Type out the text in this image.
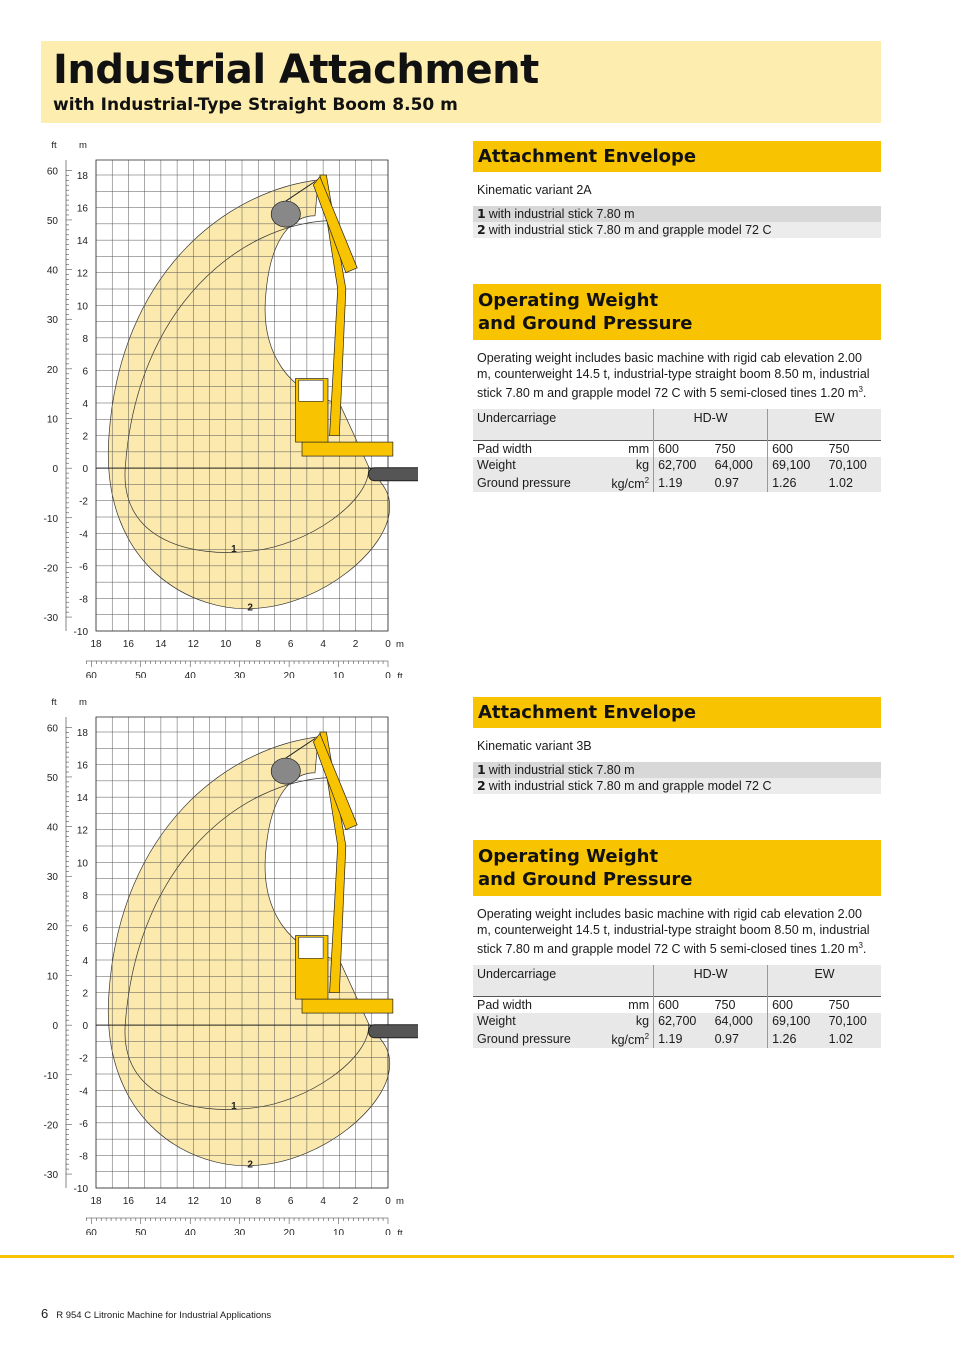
Industrial Attachment
with Industrial-Type Straight Boom 8.50 m
ft m
18
16
14
12
10
8
6
4
2
0
-2
-4
-6
-8
-10
60
50
40
30
20
10
0
-10
-20
-30
18 16 14 12 10 8	6	4	2	0 m
60	50	40	30	20	10	0 ft
1
2
Attachment Envelope
Kinematic variant 2A
1 with industrial stick 7.80 m
2 with industrial stick 7.80 m and grapple model 72 C
Operating Weight
and Ground Pressure
Operating weight includes basic machine with rigid cab elevation 2.00 m, counterweight 14.5 t, industrial-type straight boom 8.50 m, industrial stick 7.80 m and grapple model 72 C with 5 semi-closed tines 1.20 $m^3$.
Undercarriage		HD-W		EW	
Pad width	mm	600	750	600	750
Weight	kg	62,700	64,000	69,100	70,100
Ground pressure	$kg/cm^2$	1.19	0.97	1.26	1.02
ft m
18
16
14
12
10
8
6
4
2
0
-2
-4
-6
-8
-10
60
50
40
30
20
10
0
-10
-20
-30
18 16 14 12 10 8	6	4	2	0 m
60	50	40	30	20	10	0 ft
1
2
Attachment Envelope
Kinematic variant 3B
1 with industrial stick 7.80 m
2 with industrial stick 7.80 m and grapple model 72 C
Operating Weight
and Ground Pressure
Operating weight includes basic machine with rigid cab elevation 2.00 m, counterweight 14.5 t, industrial-type straight boom 8.50 m, industrial stick 7.80 m and grapple model 72 C with 5 semi-closed tines 1.20 $m^3$.
Undercarriage		HD-W		EW	
Pad width	mm	600	750	600	750
Weight	kg	62,700	64,000	69,100	70,100
Ground pressure	$kg/cm^2$	1.19	0.97	1.26	1.02
6 R 954 C Litronic Machine for Industrial Applications
